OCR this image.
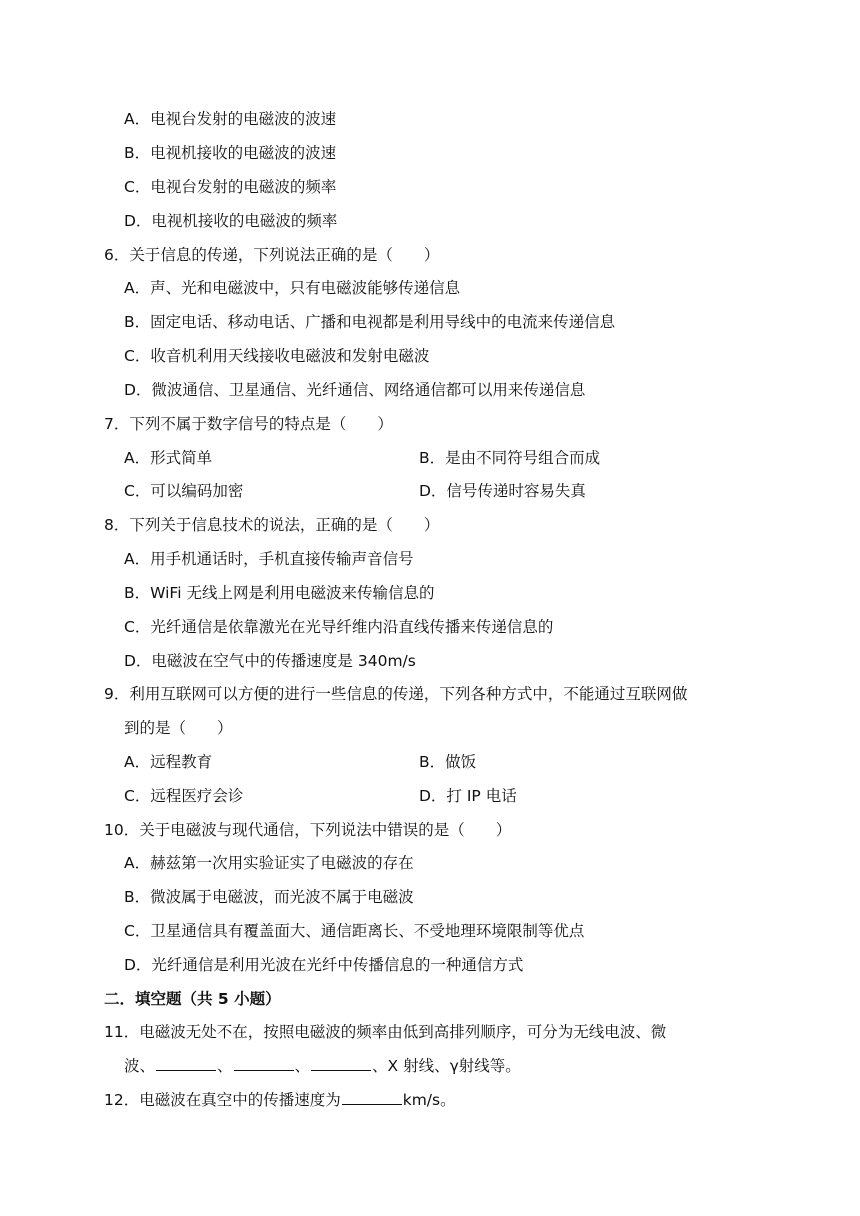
A．电视台发射的电磁波的波速
B．电视机接收的电磁波的波速
C．电视台发射的电磁波的频率
D．电视机接收的电磁波的频率
6．关于信息的传递，下列说法正确的是（　　）
A．声、光和电磁波中，只有电磁波能够传递信息
B．固定电话、移动电话、广播和电视都是利用导线中的电流来传递信息
C．收音机利用天线接收电磁波和发射电磁波
D．微波通信、卫星通信、光纤通信、网络通信都可以用来传递信息
7．下列不属于数字信号的特点是（　　）
A．形式简单	B．是由不同符号组合而成
C．可以编码加密	D．信号传递时容易失真
8．下列关于信息技术的说法，正确的是（　　）
A．用手机通话时，手机直接传输声音信号
B．WiFi 无线上网是利用电磁波来传输信息的
C．光纤通信是依靠激光在光导纤维内沿直线传播来传递信息的
D．电磁波在空气中的传播速度是 340m/s
9．利用互联网可以方便的进行一些信息的传递，下列各种方式中，不能通过互联网做
到的是（　　）
A．远程教育	B．做饭
C．远程医疗会诊	D．打 IP 电话
10．关于电磁波与现代通信，下列说法中错误的是（　　）
A．赫兹第一次用实验证实了电磁波的存在
B．微波属于电磁波，而光波不属于电磁波
C．卫星通信具有覆盖面大、通信距离长、不受地理环境限制等优点
D．光纤通信是利用光波在光纤中传播信息的一种通信方式
二．填空题（共 5 小题）
11．电磁波无处不在，按照电磁波的频率由低到高排列顺序，可分为无线电波、微
波、	、	、	、X 射线、γ射线等。
12．电磁波在真空中的传播速度为	km/s。
